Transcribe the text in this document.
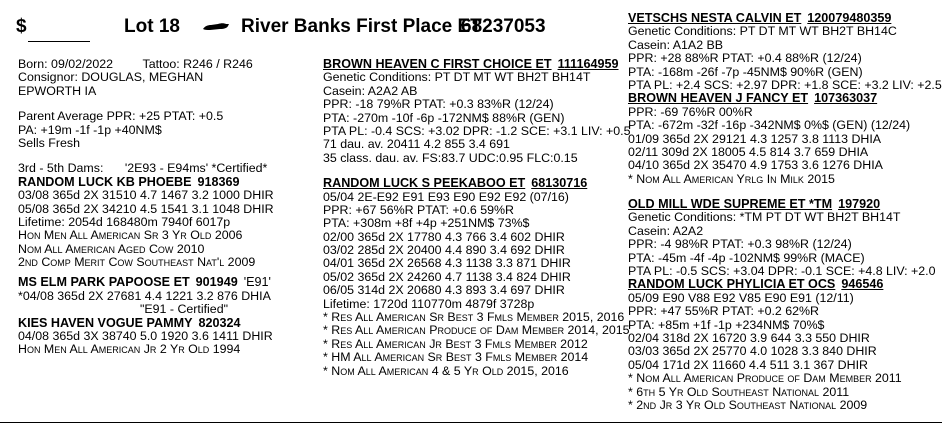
$	Lot 18	River Banks First Place ET
68237053
Born: 09/02/2022 Tattoo: R246 / R246
Consignor: DOUGLAS, MEGHAN
EPWORTH IA
Parent Average PPR: +25 PTAT: +0.5
PA: +19m -1f -1p +40NM$
Sells Fresh
3rd - 5th Dams: '2E93 - E94ms' *Certified*
RANDOM LUCK KB PHOEBE 918369
03/08 365d 2X 31510 4.7 1467 3.2 1000 DHIR
05/08 365d 2X 34210 4.5 1541 3.1 1048 DHIR
Lifetime: 2054d 168480m 7940f 6017p
Hon Men All American Sr 3 Yr Old 2006
Nom All American Aged Cow 2010
2nd Comp Merit Cow Southeast Nat'l 2009
MS ELM PARK PAPOOSE ET 901949 'E91'
*04/08 365d 2X 27681 4.4 1221 3.2 876 DHIA
"E91 - Certified"
KIES HAVEN VOGUE PAMMY 820324
04/08 365d 3X 38740 5.0 1920 3.6 1411 DHIR
Hon Men All American Jr 2 Yr Old 1994
BROWN HEAVEN C FIRST CHOICE ET 111164959
Genetic Conditions: PT DT MT WT BH2T BH14T
Casein: A2A2 AB
PPR: -18 79%R PTAT: +0.3 83%R (12/24)
PTA: -270m -10f -6p -172NM$ 88%R (GEN)
PTA PL: -0.4 SCS: +3.02 DPR: -1.2 SCE: +3.1 LIV: +0.5
71 dau. av. 20411 4.2 855 3.4 691
35 class. dau. av. FS:83.7 UDC:0.95 FLC:0.15
RANDOM LUCK S PEEKABOO ET 68130716
05/04 2E-E92 E91 E93 E90 E92 E92 (07/16)
PPR: +67 56%R PTAT: +0.6 59%R
PTA: +308m +8f +4p +251NM$ 73%$
02/00 365d 2X 17780 4.3 766 3.4 602 DHIR
03/02 285d 2X 20400 4.4 890 3.4 692 DHIR
04/01 365d 2X 26568 4.3 1138 3.3 871 DHIR
05/02 365d 2X 24260 4.7 1138 3.4 824 DHIR
06/05 314d 2X 20680 4.3 893 3.4 697 DHIR
Lifetime: 1720d 110770m 4879f 3728p
* Res All American Sr Best 3 Fmls Member 2015, 2016
* Res All American Produce of Dam Member 2014, 2015
* Res All American Jr Best 3 Fmls Member 2012
* HM All American Sr Best 3 Fmls Member 2014
* Nom All American 4 & 5 Yr Old 2015, 2016
VETSCHS NESTA CALVIN ET 120079480359
Genetic Conditions: PT DT MT WT BH2T BH14C
Casein: A1A2 BB
PPR: +28 88%R PTAT: +0.4 88%R (12/24)
PTA: -168m -26f -7p -45NM$ 90%R (GEN)
PTA PL: +2.4 SCS: +2.97 DPR: +1.8 SCE: +3.2 LIV: +2.5
BROWN HEAVEN J FANCY ET 107363037
PPR: -69 76%R 00%R
PTA: -672m -32f -16p -342NM$ 0%$ (GEN) (12/24)
01/09 365d 2X 29121 4.3 1257 3.8 1113 DHIA
02/11 309d 2X 18005 4.5 814 3.7 659 DHIA
04/10 365d 2X 35470 4.9 1753 3.6 1276 DHIA
* Nom All American Yrlg In Milk 2015
OLD MILL WDE SUPREME ET *TM 197920
Genetic Conditions: *TM PT DT WT BH2T BH14T
Casein: A2A2
PPR: -4 98%R PTAT: +0.3 98%R (12/24)
PTA: -45m -4f -4p -102NM$ 99%R (MACE)
PTA PL: -0.5 SCS: +3.04 DPR: -0.1 SCE: +4.8 LIV: +2.0
RANDOM LUCK PHYLICIA ET OCS 946546
05/09 E90 V88 E92 V85 E90 E91 (12/11)
PPR: +47 55%R PTAT: +0.2 62%R
PTA: +85m +1f -1p +234NM$ 70%$
02/04 318d 2X 16720 3.9 644 3.3 550 DHIR
03/03 365d 2X 25770 4.0 1028 3.3 840 DHIR
05/04 171d 2X 11660 4.4 511 3.1 367 DHIR
* Nom All American Produce of Dam Member 2011
* 6th 5 Yr Old Southeast National 2011
* 2nd Jr 3 Yr Old Southeast National 2009
